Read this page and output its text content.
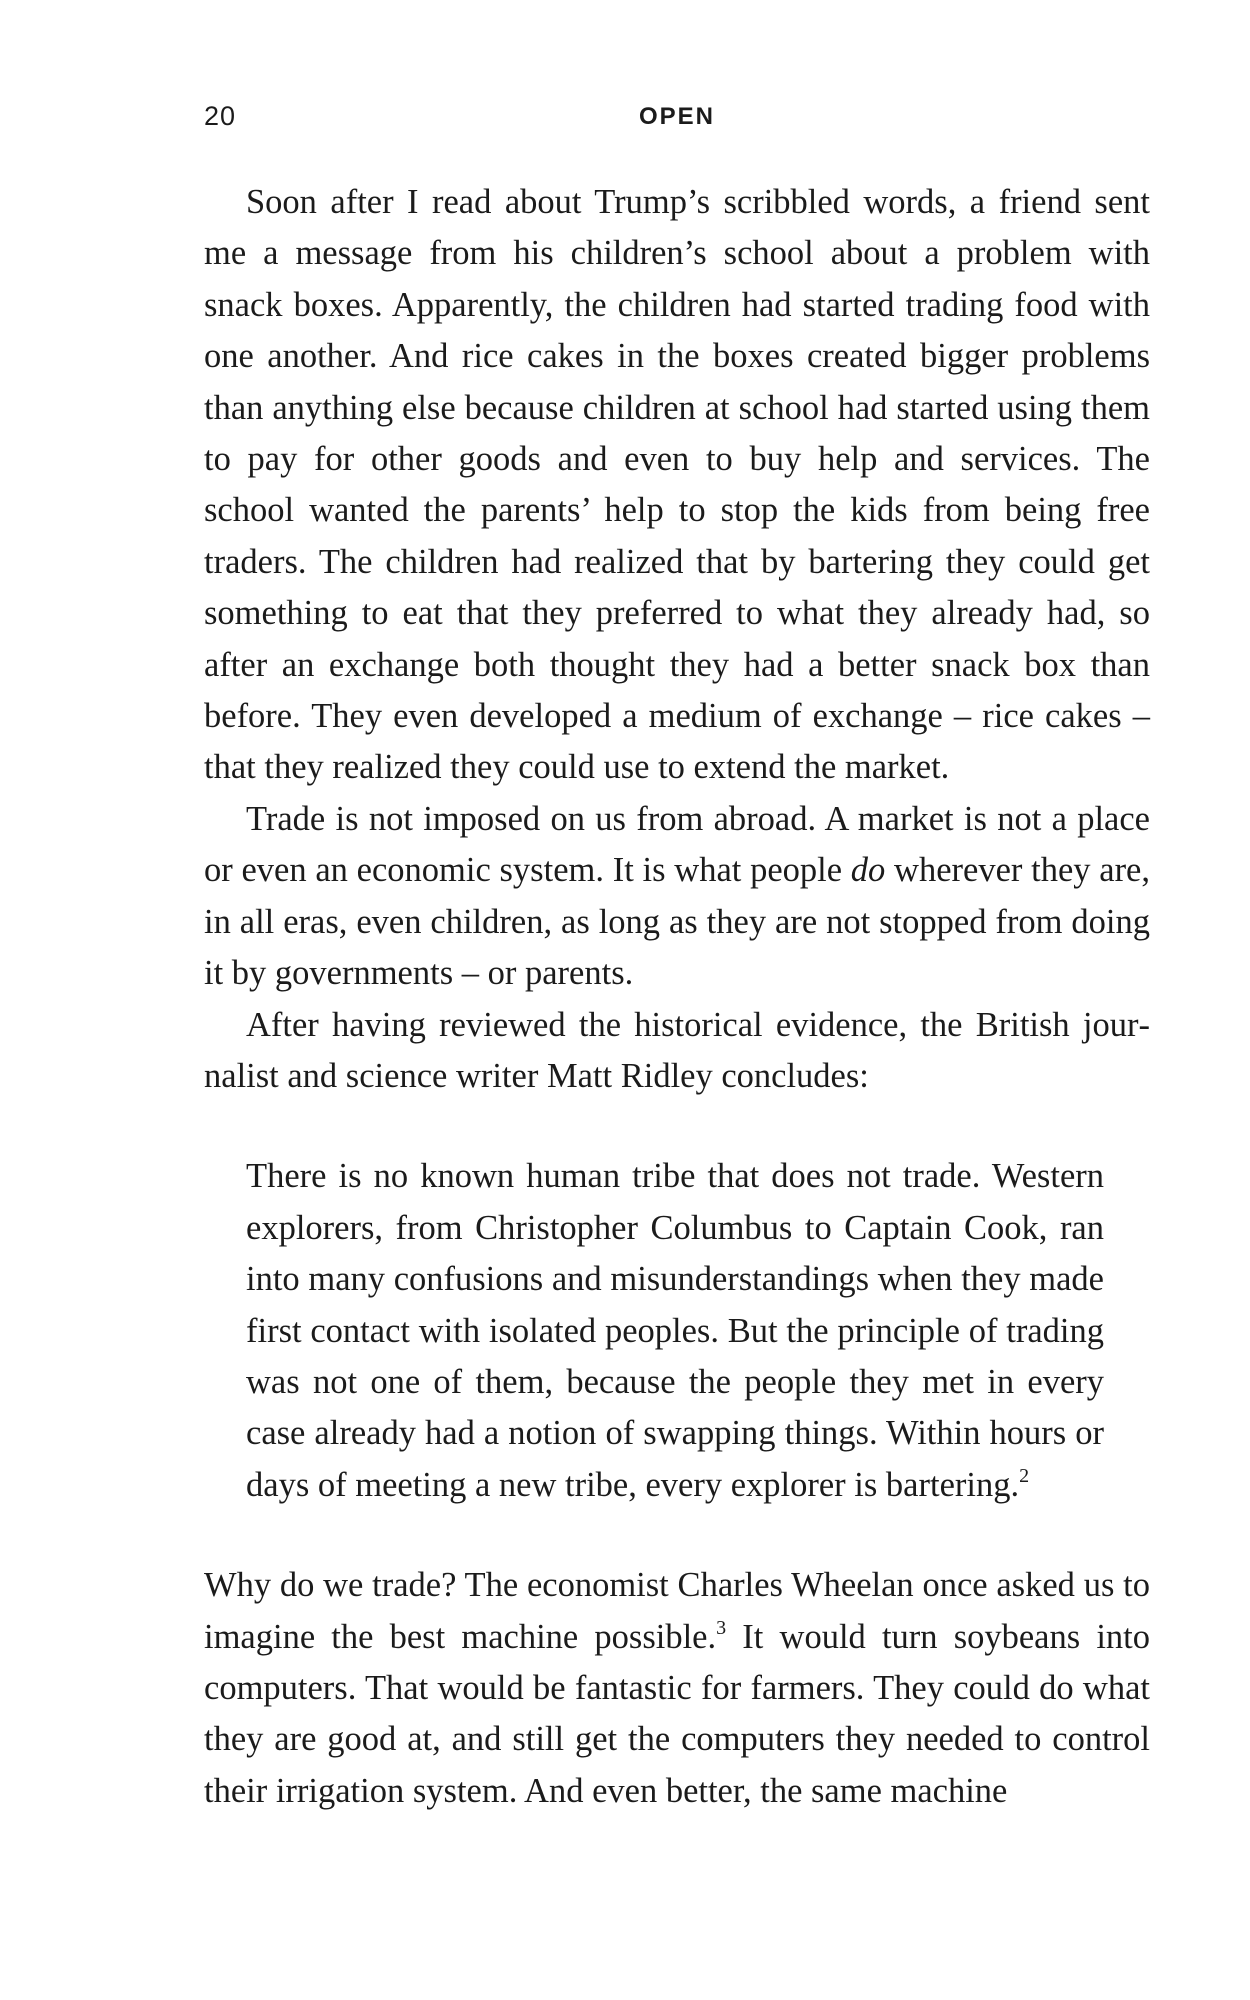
20	OPEN

Soon after I read about Trump’s scribbled words, a friend sent me a message from his children’s school about a problem with snack boxes. Apparently, the children had started trading food with one another. And rice cakes in the boxes created bigger problems than anything else because children at school had started using them to pay for other goods and even to buy help and services. The school wanted the parents’ help to stop the kids from being free traders. The children had realized that by bartering they could get something to eat that they preferred to what they already had, so after an exchange both thought they had a better snack box than before. They even developed a medium of exchange – rice cakes – that they realized they could use to extend the market.

Trade is not imposed on us from abroad. A market is not a place or even an economic system. It is what people do wherever they are, in all eras, even children, as long as they are not stopped from doing it by governments – or parents.

After having reviewed the historical evidence, the British journalist and science writer Matt Ridley concludes:

There is no known human tribe that does not trade. Western explorers, from Christopher Columbus to Captain Cook, ran into many confusions and misunderstandings when they made first contact with isolated peoples. But the principle of trading was not one of them, because the people they met in every case already had a notion of swapping things. Within hours or days of meeting a new tribe, every explorer is bartering.$^2$

Why do we trade? The economist Charles Wheelan once asked us to imagine the best machine possible.$^3$ It would turn soybeans into computers. That would be fantastic for farmers. They could do what they are good at, and still get the computers they needed to control their irrigation system. And even better, the same machine
